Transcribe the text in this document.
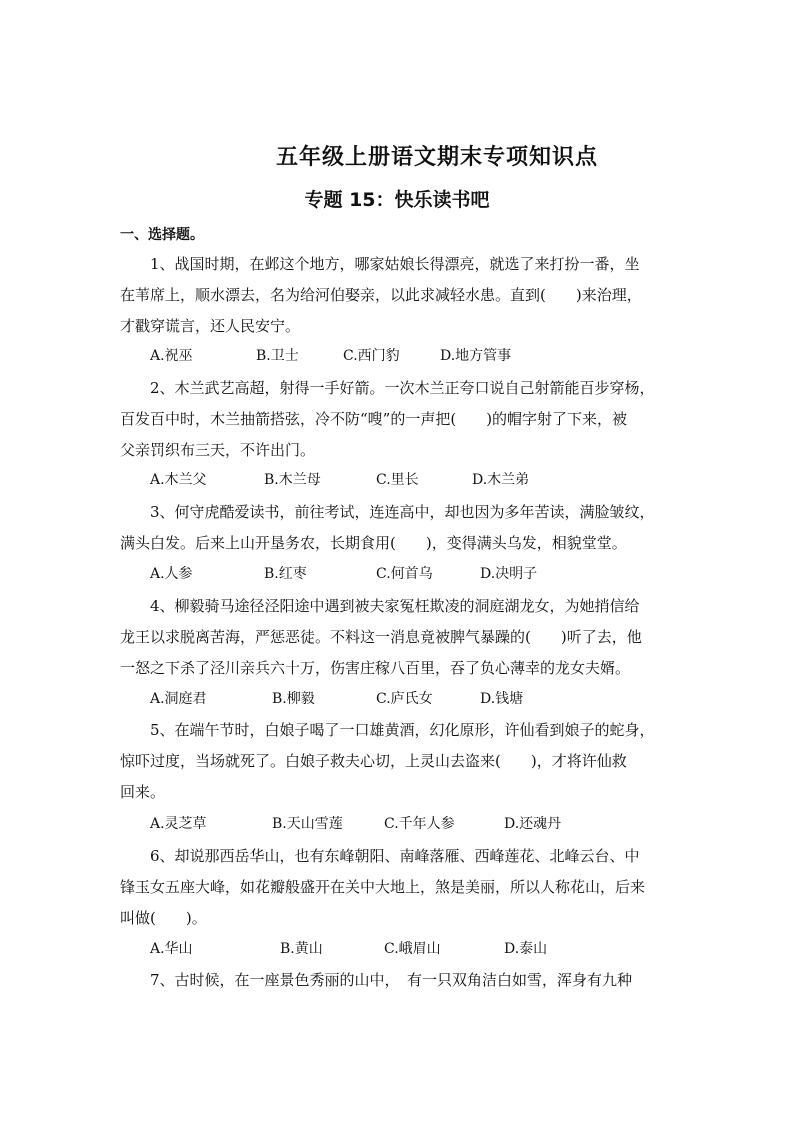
五年级上册语文期末专项知识点
专题 15：快乐读书吧
一、选择题。
1、战国时期，在邺这个地方，哪家姑娘长得漂亮，就选了来打扮一番，坐
在苇席上，顺水漂去，名为给河伯娶亲，以此求减轻水患。直到(　　)来治理，
才戳穿谎言，还人民安宁。
A.祝巫	B.卫士	C.西门豹	D.地方管事
2、木兰武艺高超，射得一手好箭。一次木兰正夸口说自己射箭能百步穿杨，
百发百中时，木兰抽箭搭弦，冷不防“嗖”的一声把(　　)的帽字射了下来，被
父亲罚织布三天，不许出门。
A.木兰父	B.木兰母	C.里长	D.木兰弟
3、何守虎酷爱读书，前往考试，连连高中，却也因为多年苦读，满脸皱纹，
满头白发。后来上山开垦务农，长期食用(　　)，变得满头乌发，相貌堂堂。
A.人参	B.红枣	C.何首乌	D.决明子
4、柳毅骑马途径泾阳途中遇到被夫家冤枉欺凌的洞庭湖龙女，为她捎信给
龙王以求脱离苦海，严惩恶徒。不料这一消息竟被脾气暴躁的(　　)听了去，他
一怒之下杀了泾川亲兵六十万，伤害庄稼八百里，吞了负心薄幸的龙女夫婿。
A.洞庭君	B.柳毅	C.庐氏女	D.钱塘
5、在端午节时，白娘子喝了一口雄黄酒，幻化原形，许仙看到娘子的蛇身，
惊吓过度，当场就死了。白娘子救夫心切，上灵山去盗来(　　)，才将许仙救
回来。
A.灵芝草	B.天山雪莲	C.千年人参	D.还魂丹
6、却说那西岳华山，也有东峰朝阳、南峰落雁、西峰莲花、北峰云台、中
锋玉女五座大峰，如花瓣般盛开在关中大地上，煞是美丽，所以人称花山，后来
叫做(　　)。
A.华山	B.黄山	C.峨眉山	D.泰山
7、古时候，在一座景色秀丽的山中，　有一只双角洁白如雪，浑身有九种
